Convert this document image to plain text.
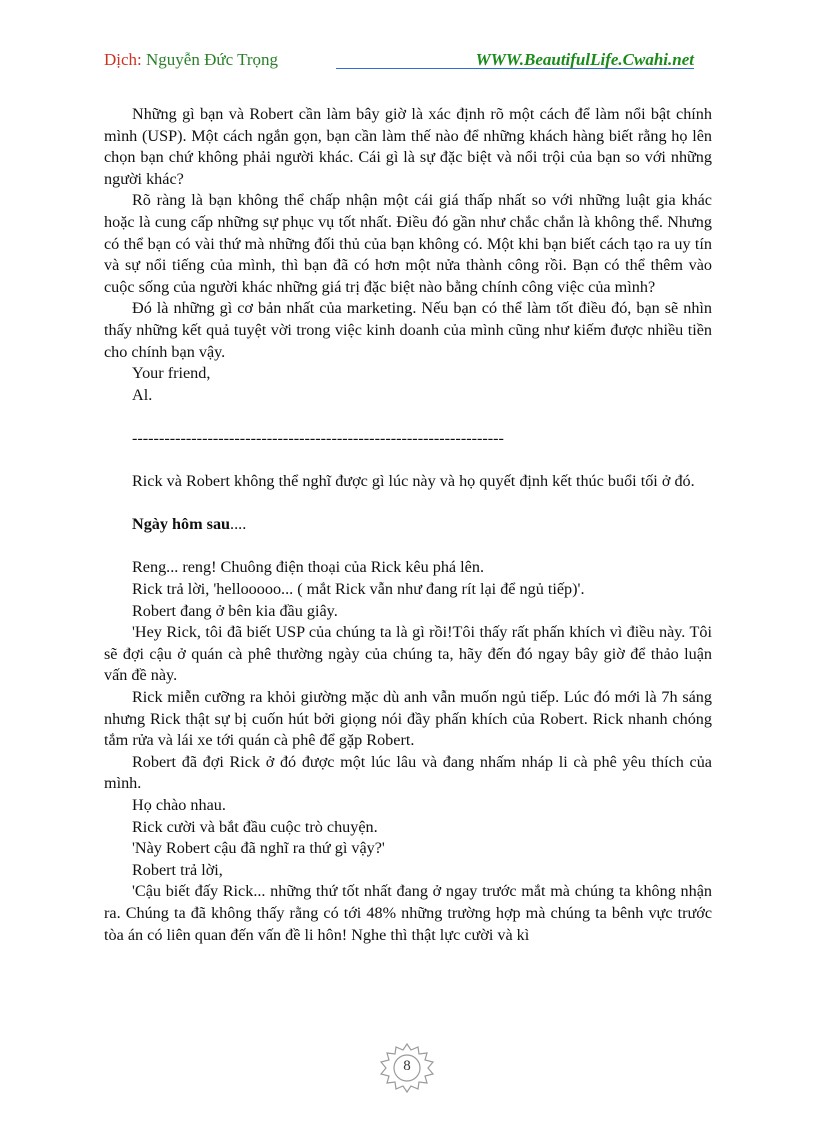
Dịch: Nguyễn Đức Trọng	WWW.BeautifulLife.Cwahi.net

Những gì bạn và Robert cần làm bây giờ là xác định rõ một cách để làm nổi bật chính mình (USP). Một cách ngắn gọn, bạn cần làm thế nào để những khách hàng biết rằng họ lên chọn bạn chứ không phải người khác. Cái gì là sự đặc biệt và nổi trội của bạn so với những người khác?

Rõ ràng là bạn không thể chấp nhận một cái giá thấp nhất so với những luật gia khác hoặc là cung cấp những sự phục vụ tốt nhất. Điều đó gần như chắc chắn là không thể. Nhưng có thể bạn có vài thứ mà những đối thủ của bạn không có. Một khi bạn biết cách tạo ra uy tín và sự nổi tiếng của mình, thì bạn đã có hơn một nửa thành công rồi. Bạn có thể thêm vào cuộc sống của người khác những giá trị đặc biệt nào bằng chính công việc của mình?

Đó là những gì cơ bản nhất của marketing. Nếu bạn có thể làm tốt điều đó, bạn sẽ nhìn thấy những kết quả tuyệt vời trong việc kinh doanh của mình cũng như kiếm được nhiều tiền cho chính bạn vậy.

Your friend,

Al.

---------------------------------------------------------------------

Rick và Robert không thể nghĩ được gì lúc này và họ quyết định kết thúc buổi tối ở đó.

Ngày hôm sau....

Reng... reng! Chuông điện thoại của Rick kêu phá lên.

Rick trả lời, 'hellooooo... ( mắt Rick vẫn như đang rít lại để ngủ tiếp)'.

Robert đang ở bên kia đầu giây.

'Hey Rick, tôi đã biết USP của chúng ta là gì rồi!Tôi thấy rất phấn khích vì điều này. Tôi sẽ đợi cậu ở quán cà phê thường ngày của chúng ta, hãy đến đó ngay bây giờ để thảo luận vấn đề này.

Rick miễn cưỡng ra khỏi giường mặc dù anh vẫn muốn ngủ tiếp. Lúc đó mới là 7h sáng nhưng Rick thật sự bị cuốn hút bởi giọng nói đầy phấn khích của Robert. Rick nhanh chóng tắm rửa và lái xe tới quán cà phê để gặp Robert.

Robert đã đợi Rick ở đó được một lúc lâu và đang nhấm nháp li cà phê yêu thích của mình.

Họ chào nhau.

Rick cười và bắt đầu cuộc trò chuyện.

'Này Robert cậu đã nghĩ ra thứ gì vậy?'

Robert trả lời,

'Cậu biết đấy Rick... những thứ tốt nhất đang ở ngay trước mắt mà chúng ta không nhận ra. Chúng ta đã không thấy rằng có tới 48% những trường hợp mà chúng ta bênh vực trước tòa án có liên quan đến vấn đề li hôn! Nghe thì thật lực cười và kì

8
